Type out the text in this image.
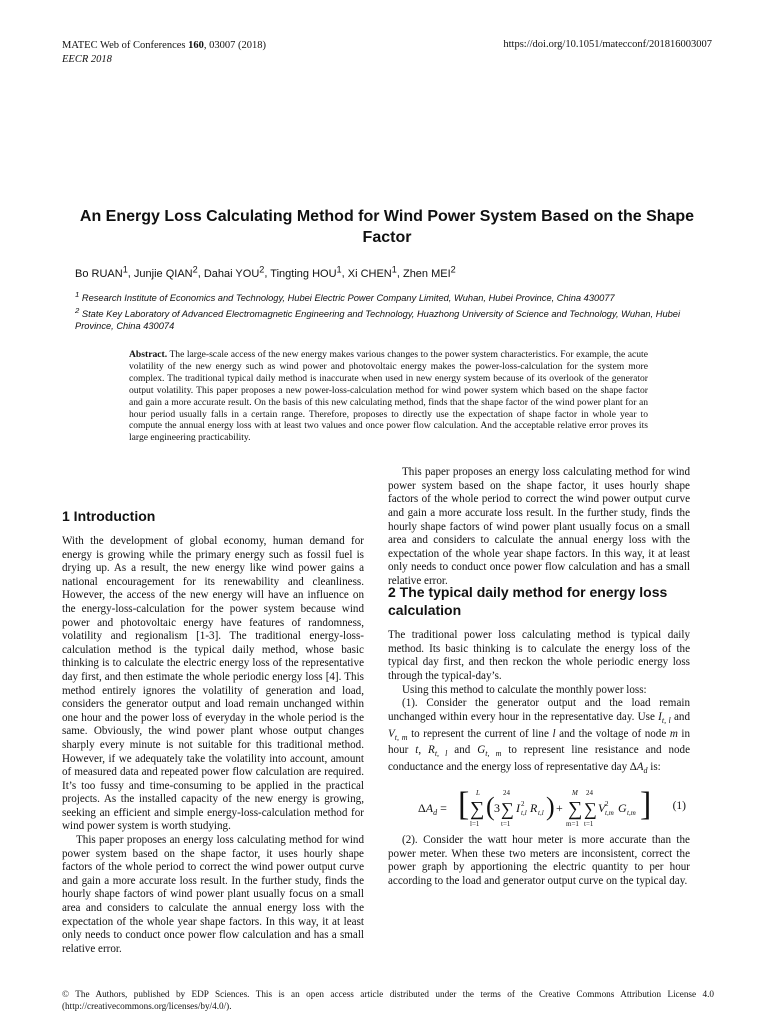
MATEC Web of Conferences 160, 03007 (2018)
EECR 2018
https://doi.org/10.1051/matecconf/201816003007
An Energy Loss Calculating Method for Wind Power System Based on the Shape Factor
Bo RUAN$^1$, Junjie QIAN$^2$, Dahai YOU$^2$, Tingting HOU$^1$, Xi CHEN$^1$, Zhen MEI$^2$

$^1$ Research Institute of Economics and Technology, Hubei Electric Power Company Limited, Wuhan, Hubei Province, China 430077

$^2$ State Key Laboratory of Advanced Electromagnetic Engineering and Technology, Huazhong University of Science and Technology, Wuhan, Hubei Province, China 430074

Abstract. The large-scale access of the new energy makes various changes to the power system characteristics. For example, the acute volatility of the new energy such as wind power and photovoltaic energy makes the power-loss-calculation for the system more complex. The traditional typical daily method is inaccurate when used in new energy system because of its overlook of the generator output volatility. This paper proposes a new power-loss-calculation method for wind power system which based on the shape factor and gain a more accurate result. On the basis of this new calculating method, finds that the shape factor of the wind power plant for an hour period usually falls in a certain range. Therefore, proposes to directly use the expectation of shape factor in whole year to compute the annual energy loss with at least two values and once power flow calculation. And the acceptable relative error proves its large engineering practicability.

1 Introduction

With the development of global economy, human demand for energy is growing while the primary energy such as fossil fuel is drying up. As a result, the new energy like wind power gains a national encouragement for its renewability and cleanliness. However, the access of the new energy will have an influence on the energy-loss-calculation for the power system because wind power and photovoltaic energy have features of randomness, volatility and regionalism [1-3]. The traditional energy-loss-calculation method is the typical daily method, whose basic thinking is to calculate the electric energy loss of the representative day first, and then estimate the whole periodic energy loss [4]. This method entirely ignores the volatility of generation and load, considers the generator output and load remain unchanged within one hour and the power loss of everyday in the whole period is the same. Obviously, the wind power plant whose output changes sharply every minute is not suitable for this traditional method. However, if we adequately take the volatility into account, amount of measured data and repeated power flow calculation are required. It’s too fussy and time-consuming to be applied in the practical projects. As the installed capacity of the new energy is growing, seeking an efficient and simple energy-loss-calculation method for wind power system is worth studying.

This paper proposes an energy loss calculating method for wind power system based on the shape factor, it uses hourly shape factors of the whole period to correct the wind power output curve and gain a more accurate loss result. In the further study, finds the hourly shape factors of wind power plant usually focus on a small area and considers to calculate the annual energy loss with the expectation of the whole year shape factors. In this way, it at least only needs to conduct once power flow calculation and has a small relative error.

This paper proposes an energy loss calculating method for wind power system based on the shape factor, it uses hourly shape factors of the whole period to correct the wind power output curve and gain a more accurate loss result. In the further study, finds the hourly shape factors of wind power plant usually focus on a small area and considers to calculate the annual energy loss with the expectation of the whole year shape factors. In this way, it at least only needs to conduct once power flow calculation and has a small relative error.

2 The typical daily method for energy loss calculation

The traditional power loss calculating method is typical daily method. Its basic thinking is to calculate the energy loss of the typical day first, and then reckon the whole periodic energy loss through the typical-day’s.

Using this method to calculate the monthly power loss:

(1). Consider the generator output and the load remain unchanged within every hour in the representative day. Use $I_{t, l}$ and $V_{t, m}$ to represent the current of line l and the voltage of node m in hour t, $R_{t, l}$ and $G_{t, m}$ to represent line resistance and node conductance and the energy loss of representative day $\Delta A_d$ is:

$\Delta A_d$ = [ ∑
L
l=1
( 3 ∑
24
t=1
I 2
t,l R t,l ) + ∑
M
m=1
∑
24
t=1
V 2
t,m G t,m ] (1)

(2). Consider the watt hour meter is more accurate than the power meter. When these two meters are inconsistent, correct the power graph by apportioning the electric quantity to per hour according to the load and generator output curve on the typical day.

© The Authors, published by EDP Sciences. This is an open access article distributed under the terms of the Creative Commons Attribution License 4.0 (http://creativecommons.org/licenses/by/4.0/).
